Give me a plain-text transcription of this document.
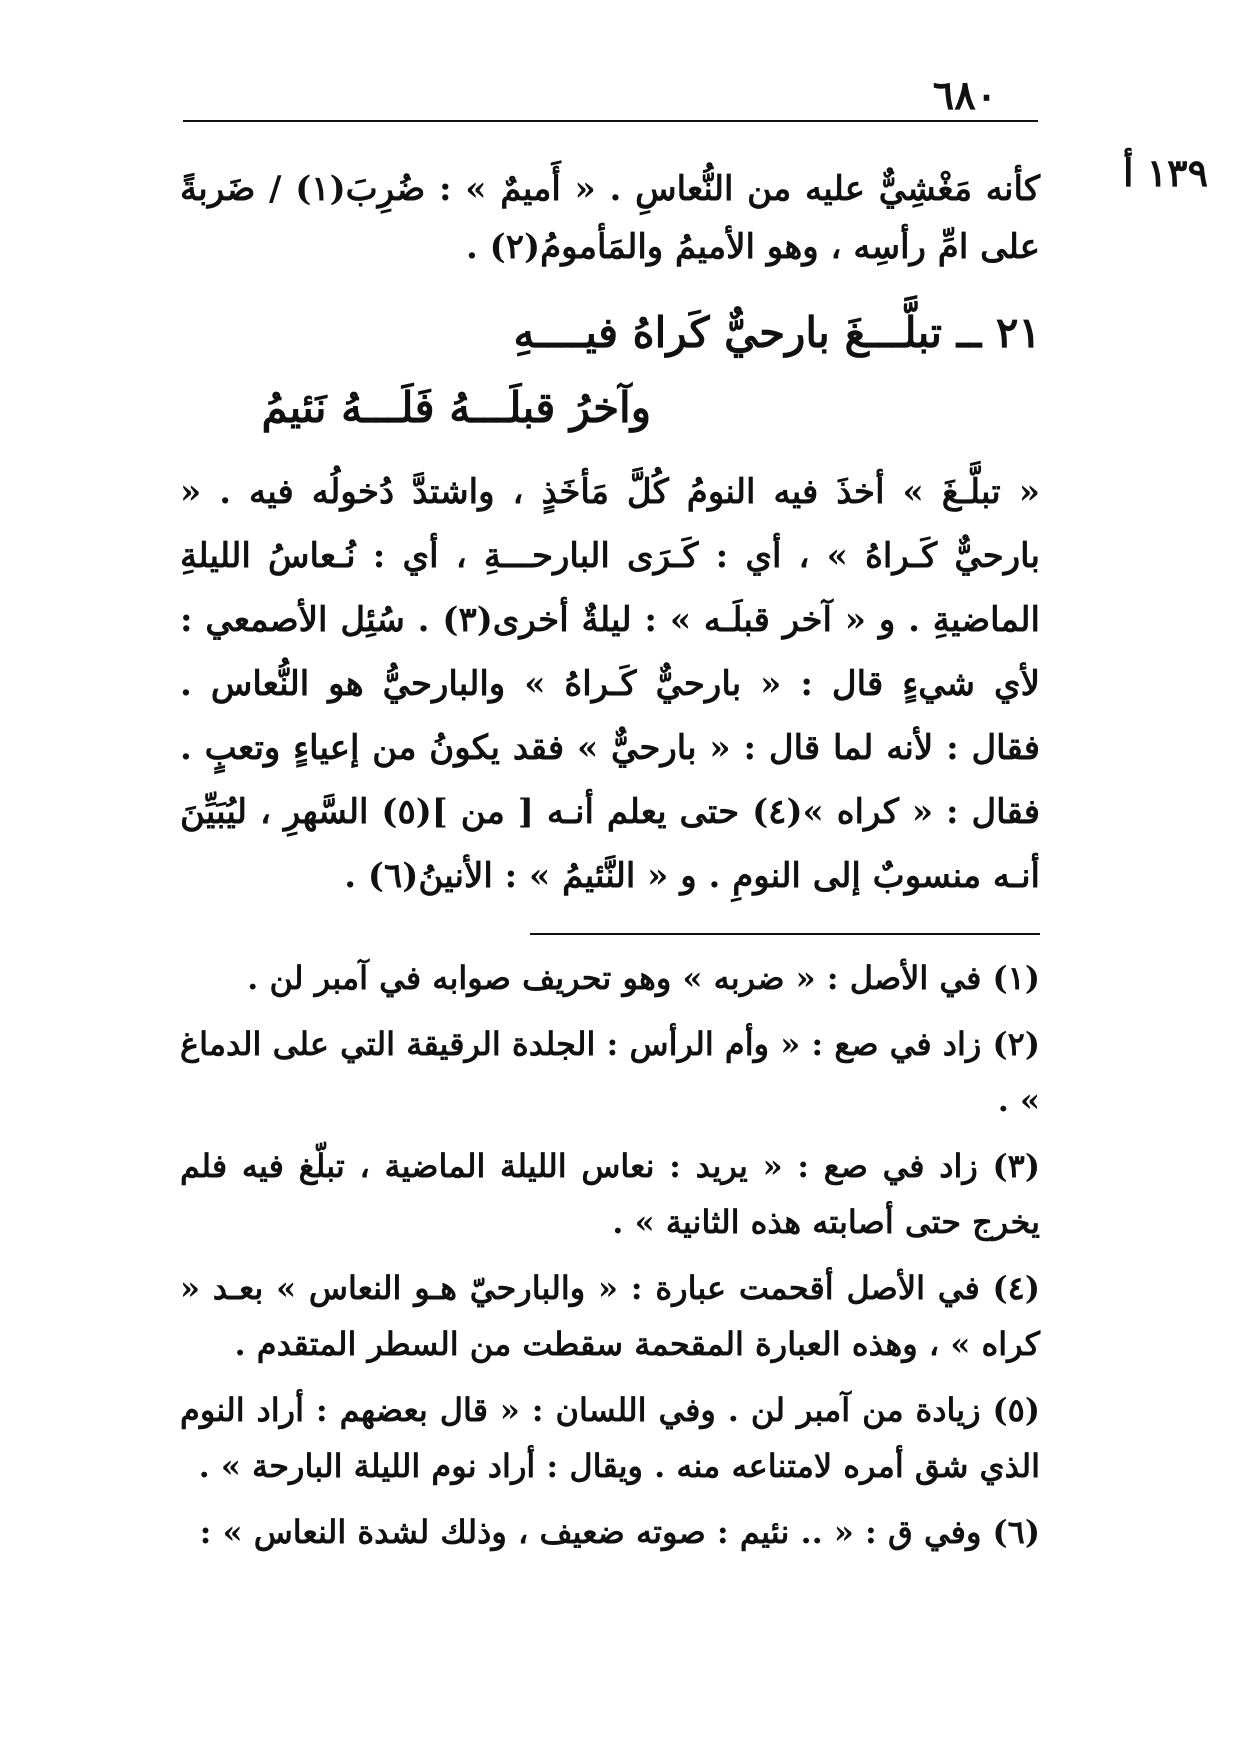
٦٨٠
١٣٩ أ
كأنه مَغْشِيٌّ عليه من النُّعاسِ . « أَميمٌ » : ضُرِبَ(١) / ضَربةً على امِّ رأسِه ، وهو الأميمُ والمَأمومُ(٢) .
٢١ ــ تبلَّـــغَ بارحيٌّ كَراهُ فيــــهِ
وآخرُ قبلَـــهُ فَلَـــهُ نَئيمُ
« تبلَّـغَ » أخذَ فيه النومُ كُلَّ مَأخَذٍ ، واشتدَّ دُخولُه فيه . « بارحيٌّ كَـراهُ » ، أي : كَـرَى البارحـــةِ ، أي : نُـعاسُ الليلةِ الماضيةِ . و « آخر قبلَـه » : ليلةٌ أخرى(٣) . سُئِل الأصمعي : لأي شيءٍ قال : « بارحيٌّ كَـراهُ » والبارحيُّ هو النُّعاس . فقال : لأنه لما قال : « بارحيٌّ » فقد يكونُ من إعياءٍ وتعبٍ . فقال : « كراه »(٤) حتى يعلم أنـه [ من ](٥) السَّهرِ ، ليُبَيِّنَ أنـه منسوبٌ إلى النومِ . و « النَّئيمُ » : الأنينُ(٦) .

(١) في الأصل : « ضربه » وهو تحريف صوابه في آمبر لن .

(٢) زاد في صع : « وأم الرأس : الجلدة الرقيقة التي على الدماغ » .

(٣) زاد في صع : « يريد : نعاس الليلة الماضية ، تبلّغ فيه فلم يخرج حتى أصابته هذه الثانية » .

(٤) في الأصل أقحمت عبارة : « والبارحيّ هـو النعاس » بعـد « كراه » ، وهذه العبارة المقحمة سقطت من السطر المتقدم .

(٥) زيادة من آمبر لن . وفي اللسان : « قال بعضهم : أراد النوم الذي شق أمره لامتناعه منه . ويقال : أراد نوم الليلة البارحة » .

(٦) وفي ق : « .. نئيم : صوته ضعيف ، وذلك لشدة النعاس » :
